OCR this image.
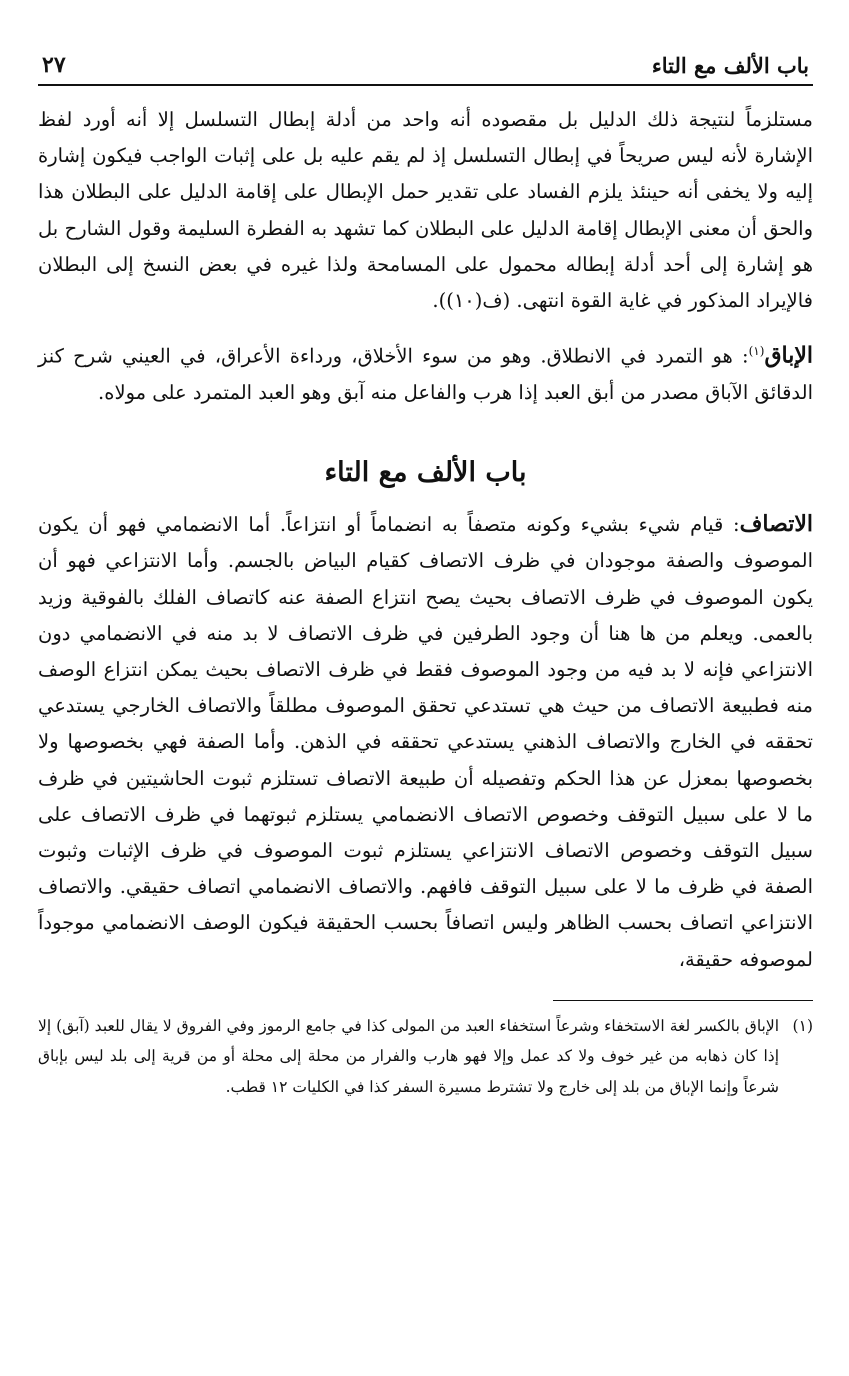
باب الألف مع التاء
٢٧

مستلزماً لنتيجة ذلك الدليل بل مقصوده أنه واحد من أدلة إبطال التسلسل إلا أنه أورد لفظ الإشارة لأنه ليس صريحاً في إبطال التسلسل إذ لم يقم عليه بل على إثبات الواجب فيكون إشارة إليه ولا يخفى أنه حينئذ يلزم الفساد على تقدير حمل الإبطال على إقامة الدليل على البطلان هذا والحق أن معنى الإبطال إقامة الدليل على البطلان كما تشهد به الفطرة السليمة وقول الشارح بل هو إشارة إلى أحد أدلة إبطاله محمول على المسامحة ولذا غيره في بعض النسخ إلى البطلان فالإيراد المذكور في غاية القوة انتهى. (ف(١٠)).

الإباق$^{(١)}$: هو التمرد في الانطلاق. وهو من سوء الأخلاق، ورداءة الأعراق، في العيني شرح كنز الدقائق الآباق مصدر من أبق العبد إذا هرب والفاعل منه آبق وهو العبد المتمرد على مولاه.

باب الألف مع التاء

الاتصاف: قيام شيء بشيء وكونه متصفاً به انضماماً أو انتزاعاً. أما الانضمامي فهو أن يكون الموصوف والصفة موجودان في ظرف الاتصاف كقيام البياض بالجسم. وأما الانتزاعي فهو أن يكون الموصوف في ظرف الاتصاف بحيث يصح انتزاع الصفة عنه كاتصاف الفلك بالفوقية وزيد بالعمى. ويعلم من ها هنا أن وجود الطرفين في ظرف الاتصاف لا بد منه في الانضمامي دون الانتزاعي فإنه لا بد فيه من وجود الموصوف فقط في ظرف الاتصاف بحيث يمكن انتزاع الوصف منه فطبيعة الاتصاف من حيث هي تستدعي تحقق الموصوف مطلقاً والاتصاف الخارجي يستدعي تحققه في الخارج والاتصاف الذهني يستدعي تحققه في الذهن. وأما الصفة فهي بخصوصها ولا بخصوصها بمعزل عن هذا الحكم وتفصيله أن طبيعة الاتصاف تستلزم ثبوت الحاشيتين في ظرف ما لا على سبيل التوقف وخصوص الاتصاف الانضمامي يستلزم ثبوتهما في ظرف الاتصاف على سبيل التوقف وخصوص الاتصاف الانتزاعي يستلزم ثبوت الموصوف في ظرف الإثبات وثبوت الصفة في ظرف ما لا على سبيل التوقف فافهم. والاتصاف الانضمامي اتصاف حقيقي. والاتصاف الانتزاعي اتصاف بحسب الظاهر وليس اتصافاً بحسب الحقيقة فيكون الوصف الانضمامي موجوداً لموصوفه حقيقة،

(١)
الإباق بالكسر لغة الاستخفاء وشرعاً استخفاء العبد من المولى كذا في جامع الرموز وفي الفروق لا يقال للعبد (آبق) إلا إذا كان ذهابه من غير خوف ولا كد عمل وإلا فهو هارب والفرار من محلة إلى محلة أو من قرية إلى بلد ليس بإباق شرعاً وإنما الإباق من بلد إلى خارج ولا تشترط مسيرة السفر كذا في الكليات ١٢ قطب.
